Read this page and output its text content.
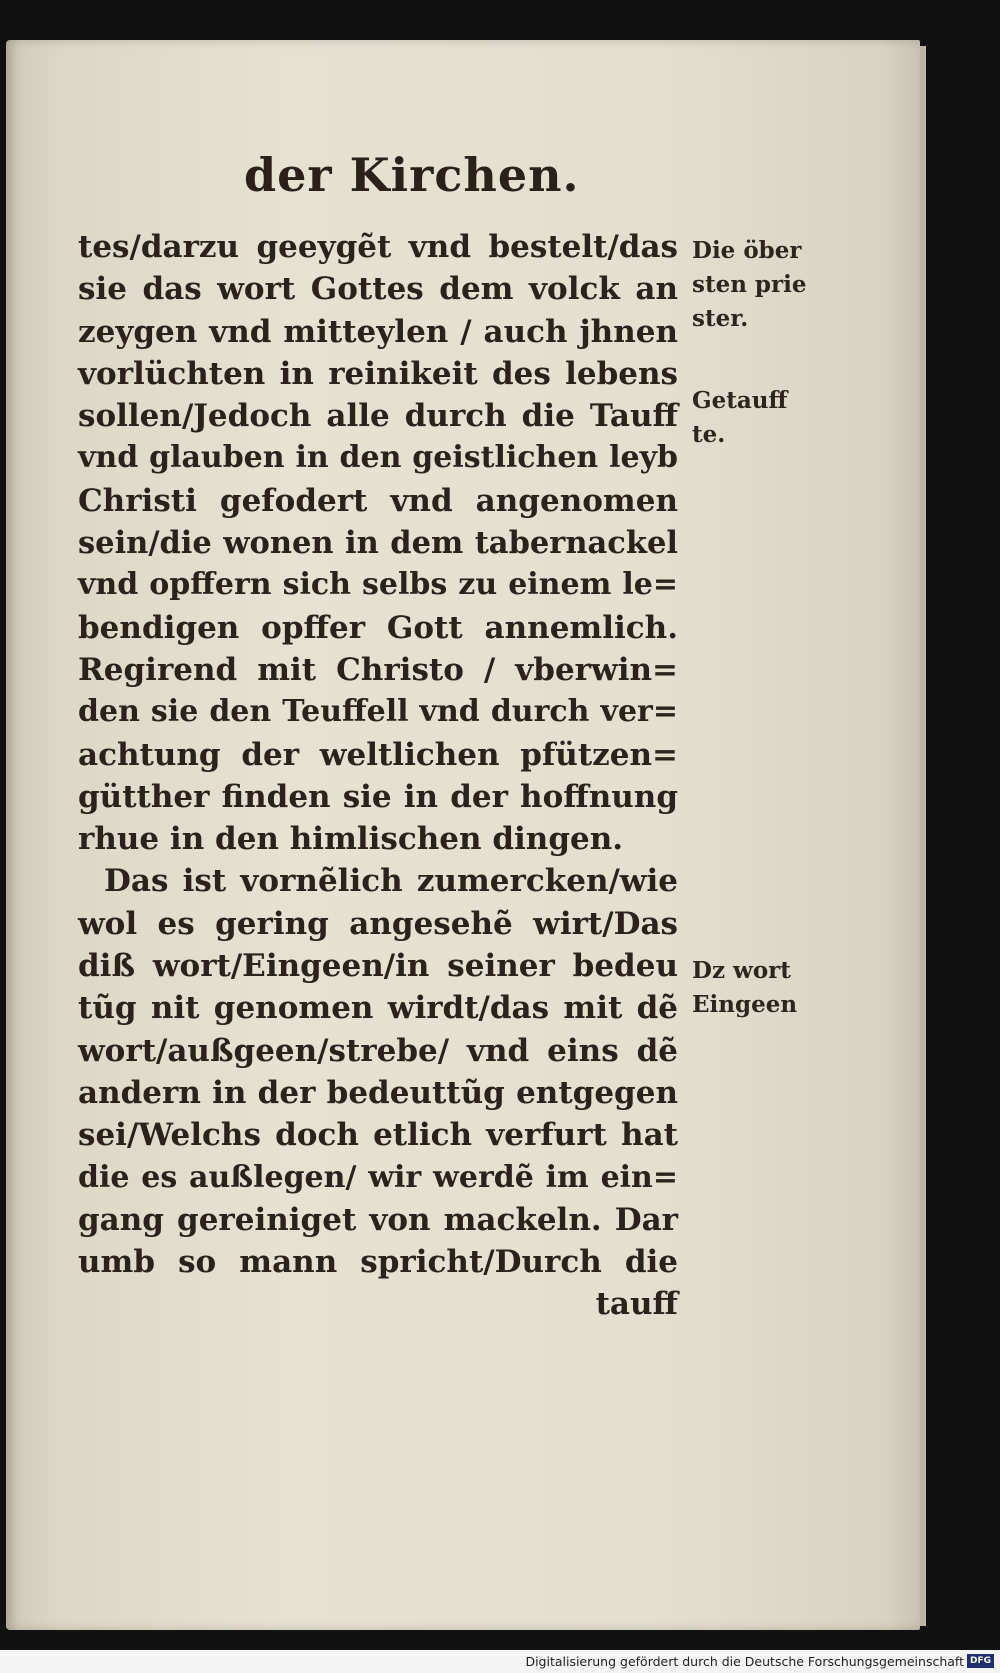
der Kirchen.
tes/darzu geeygẽt vnd bestelt/das
sie das wort Gottes dem volck an
zeygen vnd mitteylen / auch jhnen
vorlüchten in reinikeit des lebens
sollen/Jedoch alle durch die Tauff
vnd glauben in den geistlichen leyb
Christi gefodert vnd angenomen
sein/die wonen in dem tabernackel
vnd opffern sich selbs zu einem le=
bendigen opffer Gott annemlich.
Regirend mit Christo / vberwin=
den sie den Teuffell vnd durch ver=
achtung der weltlichen pfützen=
gütther finden sie in der hoffnung
rhue in den himlischen dingen.
Das ist vornẽlich zumercken/wie
wol es gering angesehẽ wirt/Das
diß wort/Eingeen/in seiner bedeu
tũg nit genomen wirdt/das mit dẽ
wort/außgeen/strebe/ vnd eins dẽ
andern in der bedeuttũg entgegen
sei/Welchs doch etlich verfurt hat
die es außlegen/ wir werdẽ im ein=
gang gereiniget von mackeln. Dar
umb so mann spricht/Durch die
tauff
Die öber
sten prie
ster.
Getauff
te.
Dz wort
Eingeen
Digitalisierung gefördert durch die Deutsche Forschungsgemeinschaft DFG
